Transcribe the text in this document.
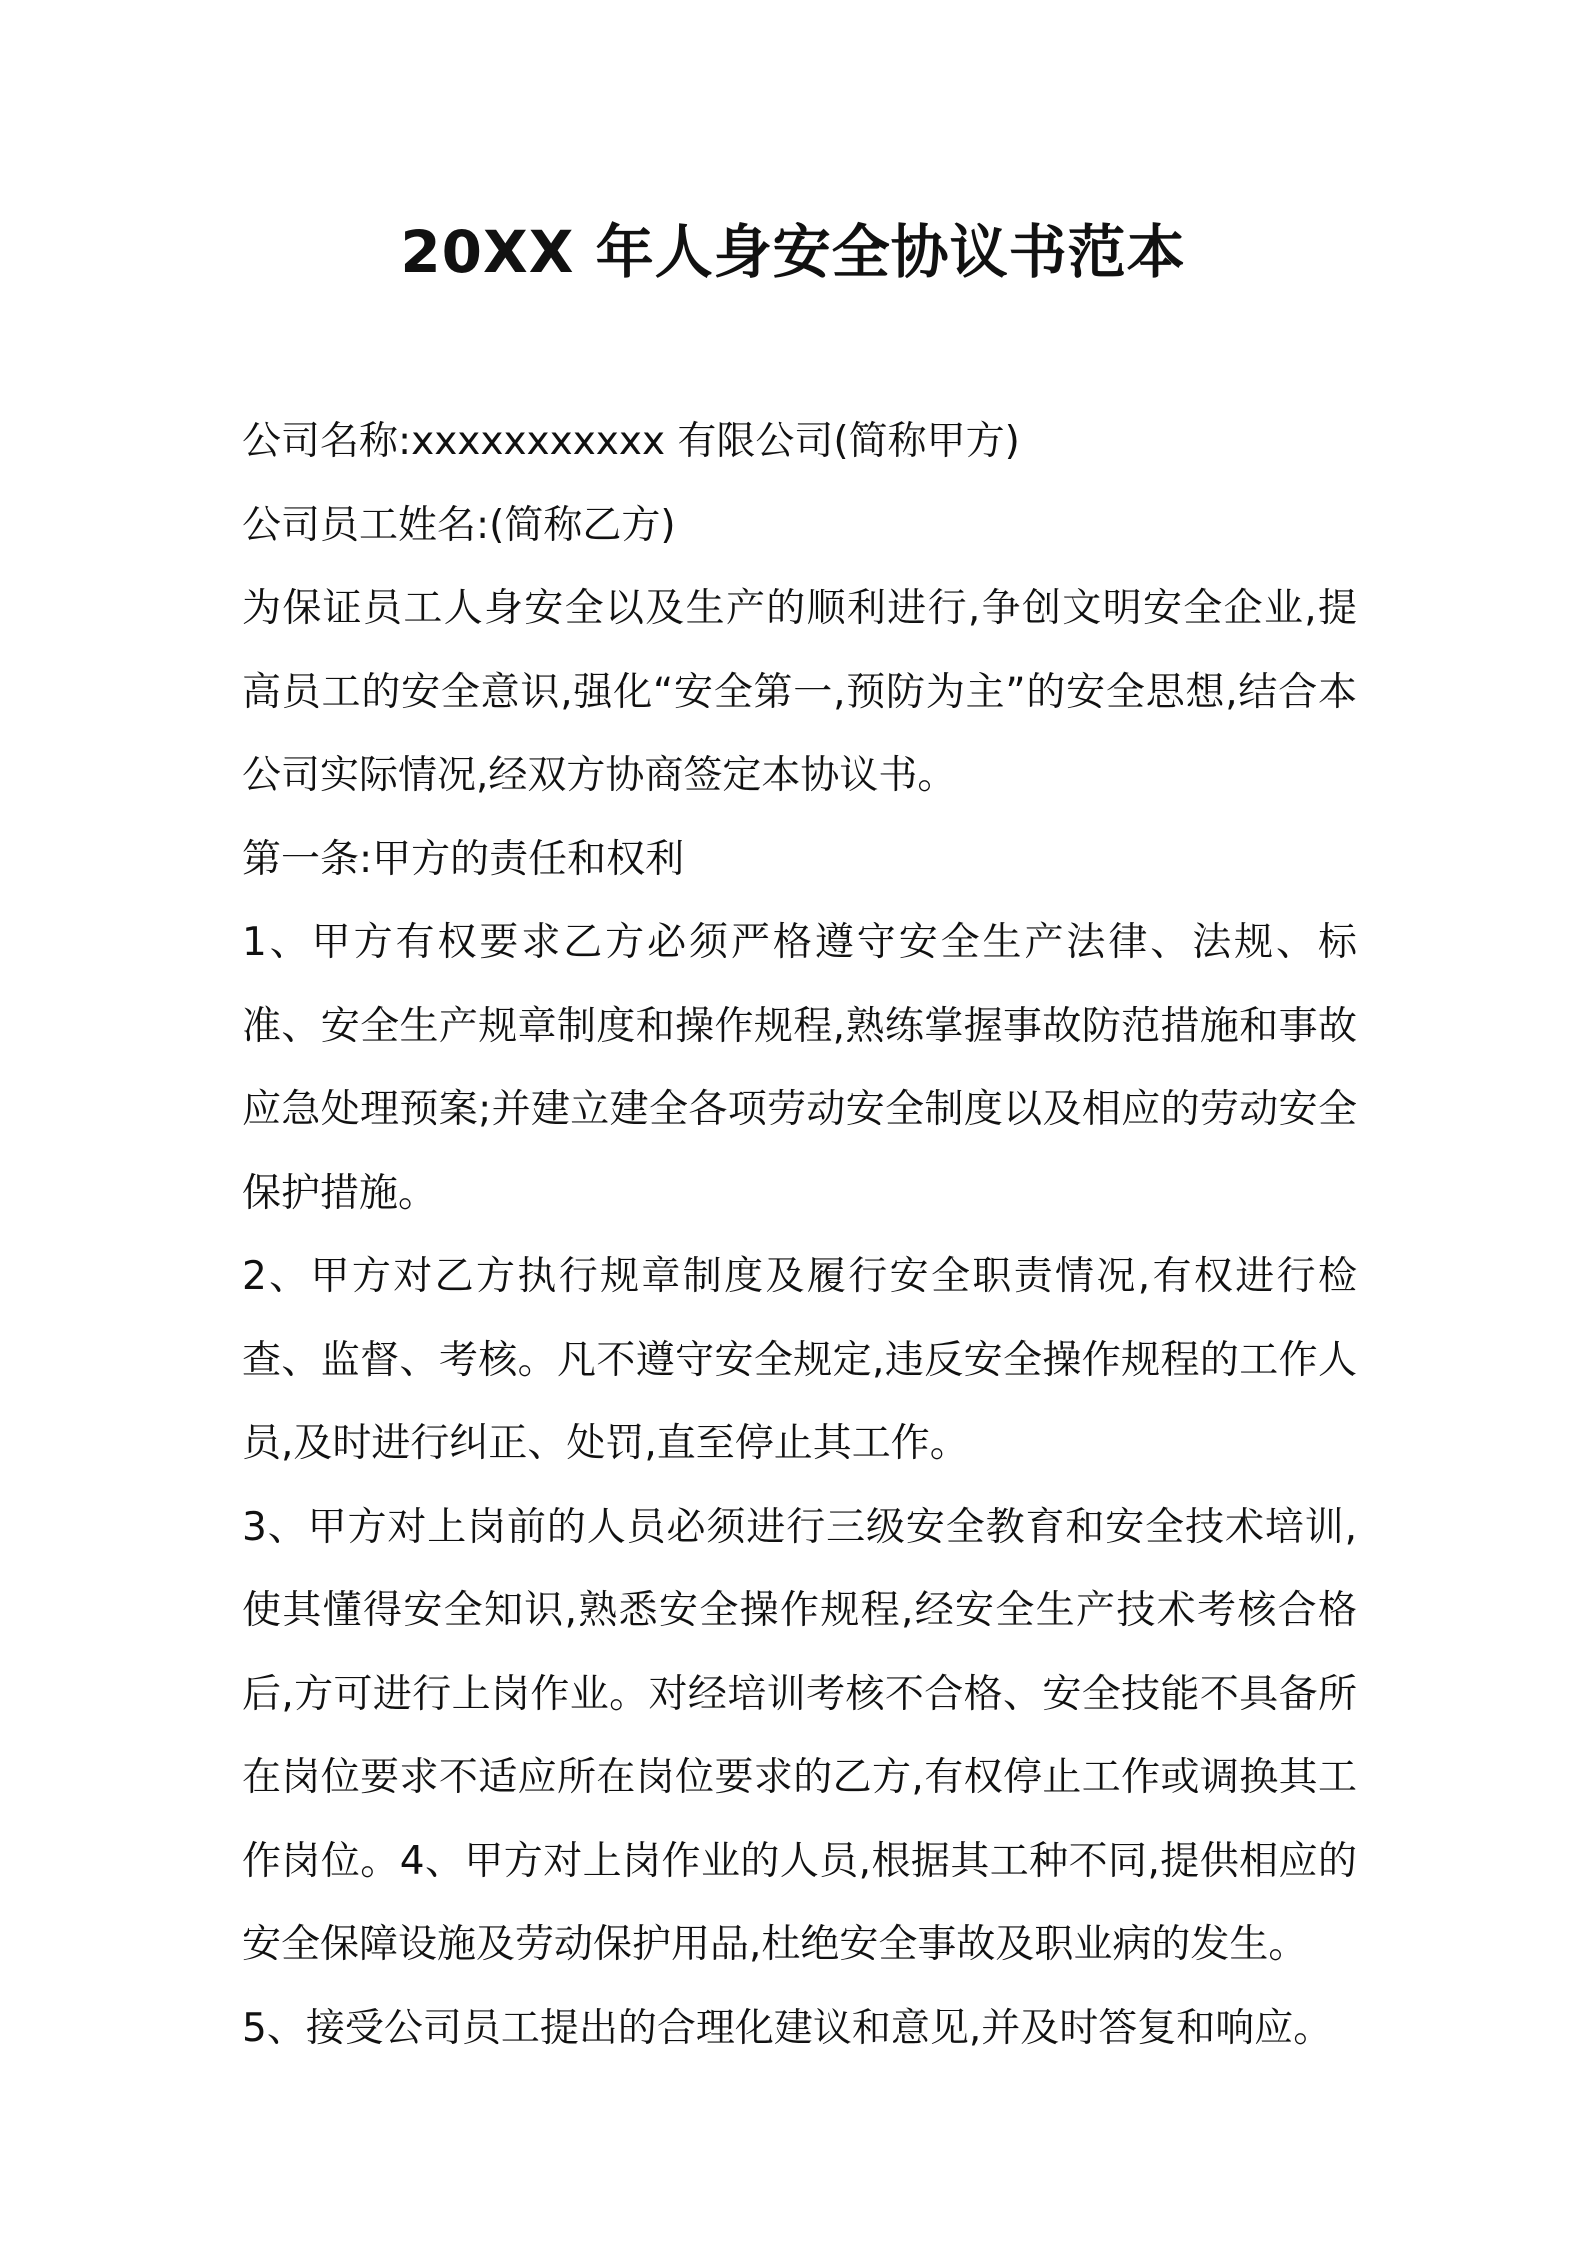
20XX 年人身安全协议书范本

公司名称:xxxxxxxxxxx 有限公司(简称甲方)

公司员工姓名:(简称乙方)

为保证员工人身安全以及生产的顺利进行,争创文明安全企业,提高员工的安全意识,强化“安全第一,预防为主”的安全思想,结合本公司实际情况,经双方协商签定本协议书。

第一条:甲方的责任和权利

1、甲方有权要求乙方必须严格遵守安全生产法律、法规、标准、安全生产规章制度和操作规程,熟练掌握事故防范措施和事故应急处理预案;并建立建全各项劳动安全制度以及相应的劳动安全保护措施。

2、甲方对乙方执行规章制度及履行安全职责情况,有权进行检查、监督、考核。凡不遵守安全规定,违反安全操作规程的工作人员,及时进行纠正、处罚,直至停止其工作。

3、甲方对上岗前的人员必须进行三级安全教育和安全技术培训,使其懂得安全知识,熟悉安全操作规程,经安全生产技术考核合格后,方可进行上岗作业。对经培训考核不合格、安全技能不具备所在岗位要求不适应所在岗位要求的乙方,有权停止工作或调换其工作岗位。4、甲方对上岗作业的人员,根据其工种不同,提供相应的安全保障设施及劳动保护用品,杜绝安全事故及职业病的发生。

5、接受公司员工提出的合理化建议和意见,并及时答复和响应。
